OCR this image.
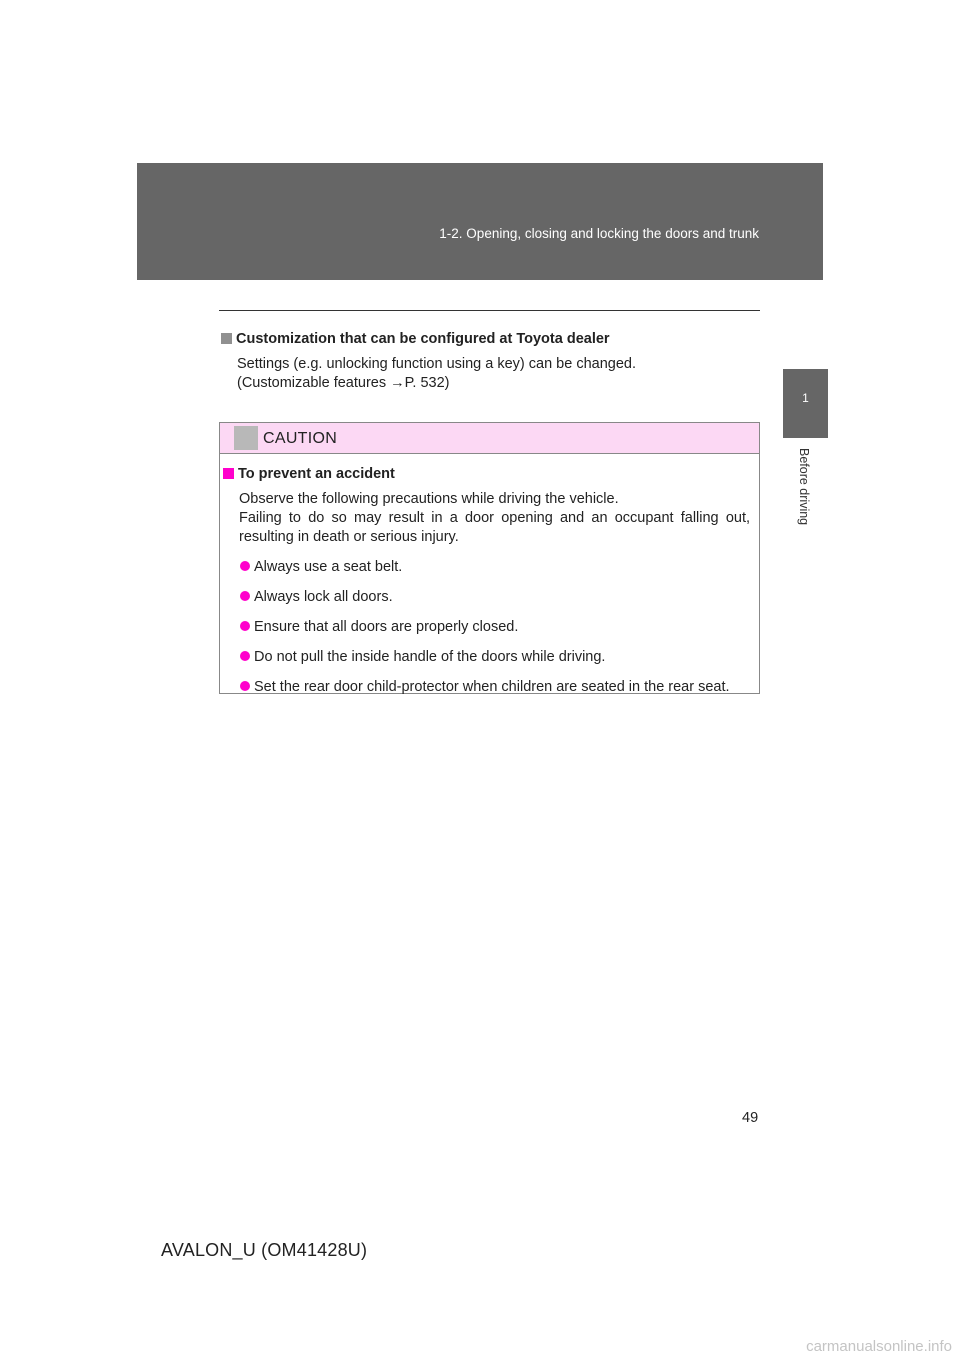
1-2. Opening, closing and locking the doors and trunk
1
Before driving
Customization that can be configured at Toyota dealer
Settings (e.g. unlocking function using a key) can be changed.
(Customizable features →P. 532)
CAUTION
To prevent an accident
Observe the following precautions while driving the vehicle.
Failing to do so may result in a door opening and an occupant falling out, resulting in death or serious injury.
Always use a seat belt.
Always lock all doors.
Ensure that all doors are properly closed.
Do not pull the inside handle of the doors while driving.
Set the rear door child-protector when children are seated in the rear seat.
49
AVALON_U (OM41428U)
carmanualsonline.info
